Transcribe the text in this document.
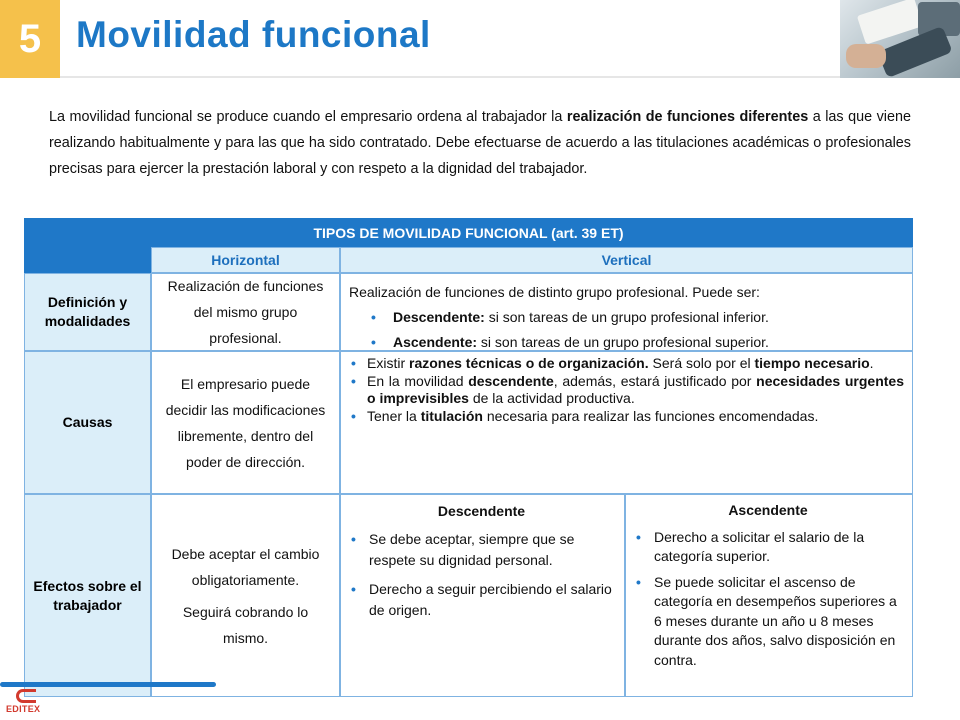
5 Movilidad funcional

La movilidad funcional se produce cuando el empresario ordena al trabajador la realización de funciones diferentes a las que viene realizando habitualmente y para las que ha sido contratado. Debe efectuarse de acuerdo a las titulaciones académicas o profesionales precisas para ejercer la prestación laboral y con respeto a la dignidad del trabajador.

TIPOS DE MOVILIDAD FUNCIONAL (art. 39 ET)
Horizontal	Vertical
Definición y modalidades
Realización de funciones del mismo grupo profesional.
Realización de funciones de distinto grupo profesional. Puede ser:
• Descendente: si son tareas de un grupo profesional inferior.
• Ascendente: si son tareas de un grupo profesional superior.
Causas
El empresario puede decidir las modificaciones libremente, dentro del poder de dirección.
• Existir razones técnicas o de organización. Será solo por el tiempo necesario.
• En la movilidad descendente, además, estará justificado por necesidades urgentes o imprevisibles de la actividad productiva.
• Tener la titulación necesaria para realizar las funciones encomendadas.
Efectos sobre el trabajador
Debe aceptar el cambio obligatoriamente.
Seguirá cobrando lo mismo.
Descendente
• Se debe aceptar, siempre que se respete su dignidad personal.
• Derecho a seguir percibiendo el salario de origen.
Ascendente
• Derecho a solicitar el salario de la categoría superior.
• Se puede solicitar el ascenso de categoría en desempeños superiores a 6 meses durante un año u 8 meses durante dos años, salvo disposición en contra.
EDITEX
